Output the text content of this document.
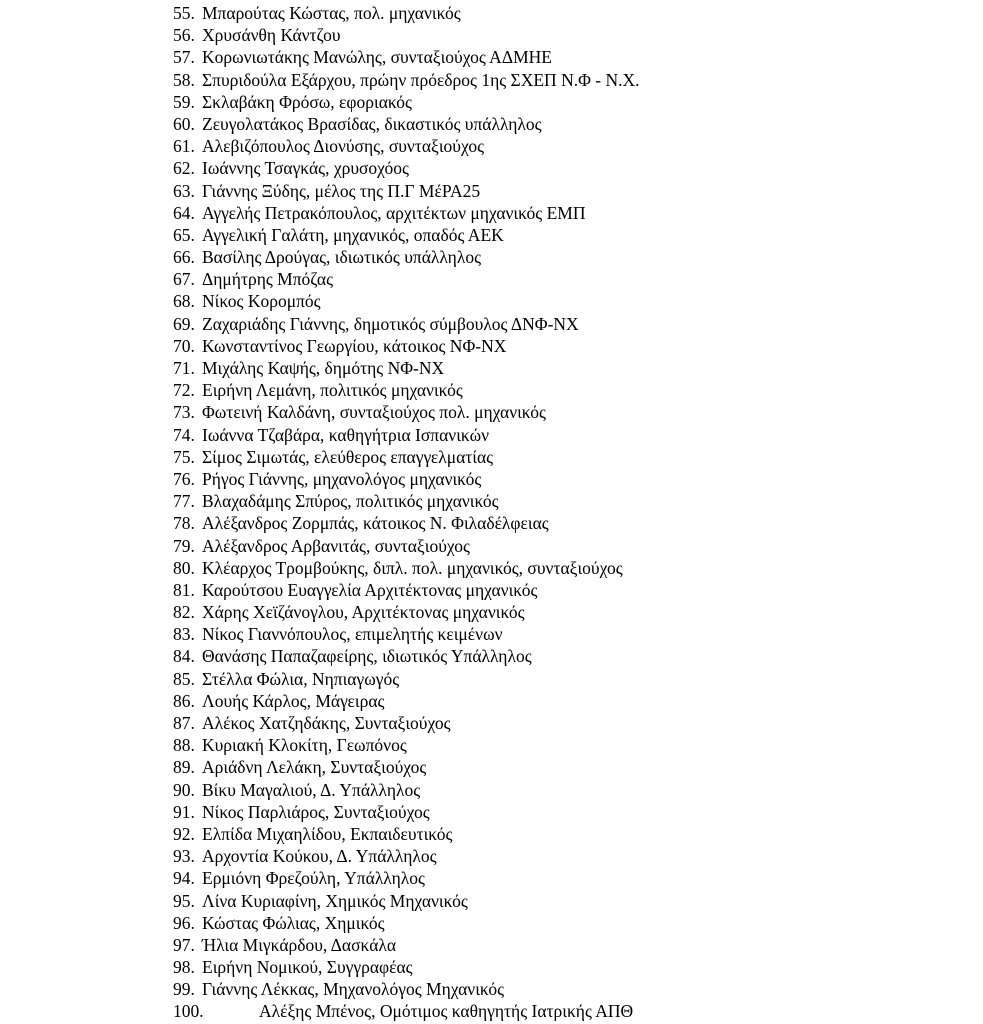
55. Μπαρούτας Κώστας, πολ. μηχανικός
56. Χρυσάνθη Κάντζου
57. Κορωνιωτάκης Μανώλης, συνταξιούχος ΑΔΜΗΕ
58. Σπυριδούλα Εξάρχου, πρώην πρόεδρος 1ης ΣΧΕΠ Ν.Φ - Ν.Χ.
59. Σκλαβάκη Φρόσω, εφοριακός
60. Ζευγολατάκος Βρασίδας, δικαστικός υπάλληλος
61. Αλεβιζόπουλος Διονύσης, συνταξιούχος
62. Ιωάννης Τσαγκάς, χρυσοχόος
63. Γιάννης Ξύδης, μέλος της Π.Γ ΜέΡΑ25
64. Αγγελής Πετρακόπουλος, αρχιτέκτων μηχανικός ΕΜΠ
65. Αγγελική Γαλάτη, μηχανικός, οπαδός ΑΕΚ
66. Βασίλης Δρούγας, ιδιωτικός υπάλληλος
67. Δημήτρης Μπόζας
68. Νίκος Κορομπός
69. Ζαχαριάδης Γιάννης, δημοτικός σύμβουλος ΔΝΦ-ΝΧ
70. Κωνσταντίνος Γεωργίου, κάτοικος ΝΦ-ΝΧ
71. Μιχάλης Καψής, δημότης ΝΦ-ΝΧ
72. Ειρήνη Λεμάνη, πολιτικός μηχανικός
73. Φωτεινή Καλδάνη, συνταξιούχος πολ. μηχανικός
74. Ιωάννα Τζαβάρα, καθηγήτρια Ισπανικών
75. Σίμος Σιμωτάς, ελεύθερος επαγγελματίας
76. Ρήγος Γιάννης, μηχανολόγος μηχανικός
77. Βλαχαδάμης Σπύρος, πολιτικός μηχανικός
78. Αλέξανδρος Ζορμπάς, κάτοικος Ν. Φιλαδέλφειας
79. Αλέξανδρος Αρβανιτάς, συνταξιούχος
80. Κλέαρχος Τρομβούκης, διπλ. πολ. μηχανικός, συνταξιούχος
81. Καρούτσου Ευαγγελία Αρχιτέκτονας μηχανικός
82. Χάρης Χεϊζάνογλου, Αρχιτέκτονας μηχανικός
83. Νίκος Γιαννόπουλος, επιμελητής κειμένων
84. Θανάσης Παπαζαφείρης, ιδιωτικός Υπάλληλος
85. Στέλλα Φώλια, Νηπιαγωγός
86. Λουής Κάρλος, Μάγειρας
87. Αλέκος Χατζηδάκης, Συνταξιούχος
88. Κυριακή Κλοκίτη, Γεωπόνος
89. Αριάδνη Λελάκη, Συνταξιούχος
90. Βίκυ Μαγαλιού, Δ. Υπάλληλος
91. Νίκος Παρλιάρος, Συνταξιούχος
92. Ελπίδα Μιχαηλίδου, Εκπαιδευτικός
93. Αρχοντία Κούκου, Δ. Υπάλληλος
94. Ερμιόνη Φρεζούλη, Υπάλληλος
95. Λίνα Κυριαφίνη, Χημικός Μηχανικός
96. Κώστας Φώλιας, Χημικός
97. Ήλια Μιγκάρδου, Δασκάλα
98. Ειρήνη Νομικού, Συγγραφέας
99. Γιάννης Λέκκας, Μηχανολόγος Μηχανικός
100.	Αλέξης Μπένος, Ομότιμος καθηγητής Ιατρικής ΑΠΘ
